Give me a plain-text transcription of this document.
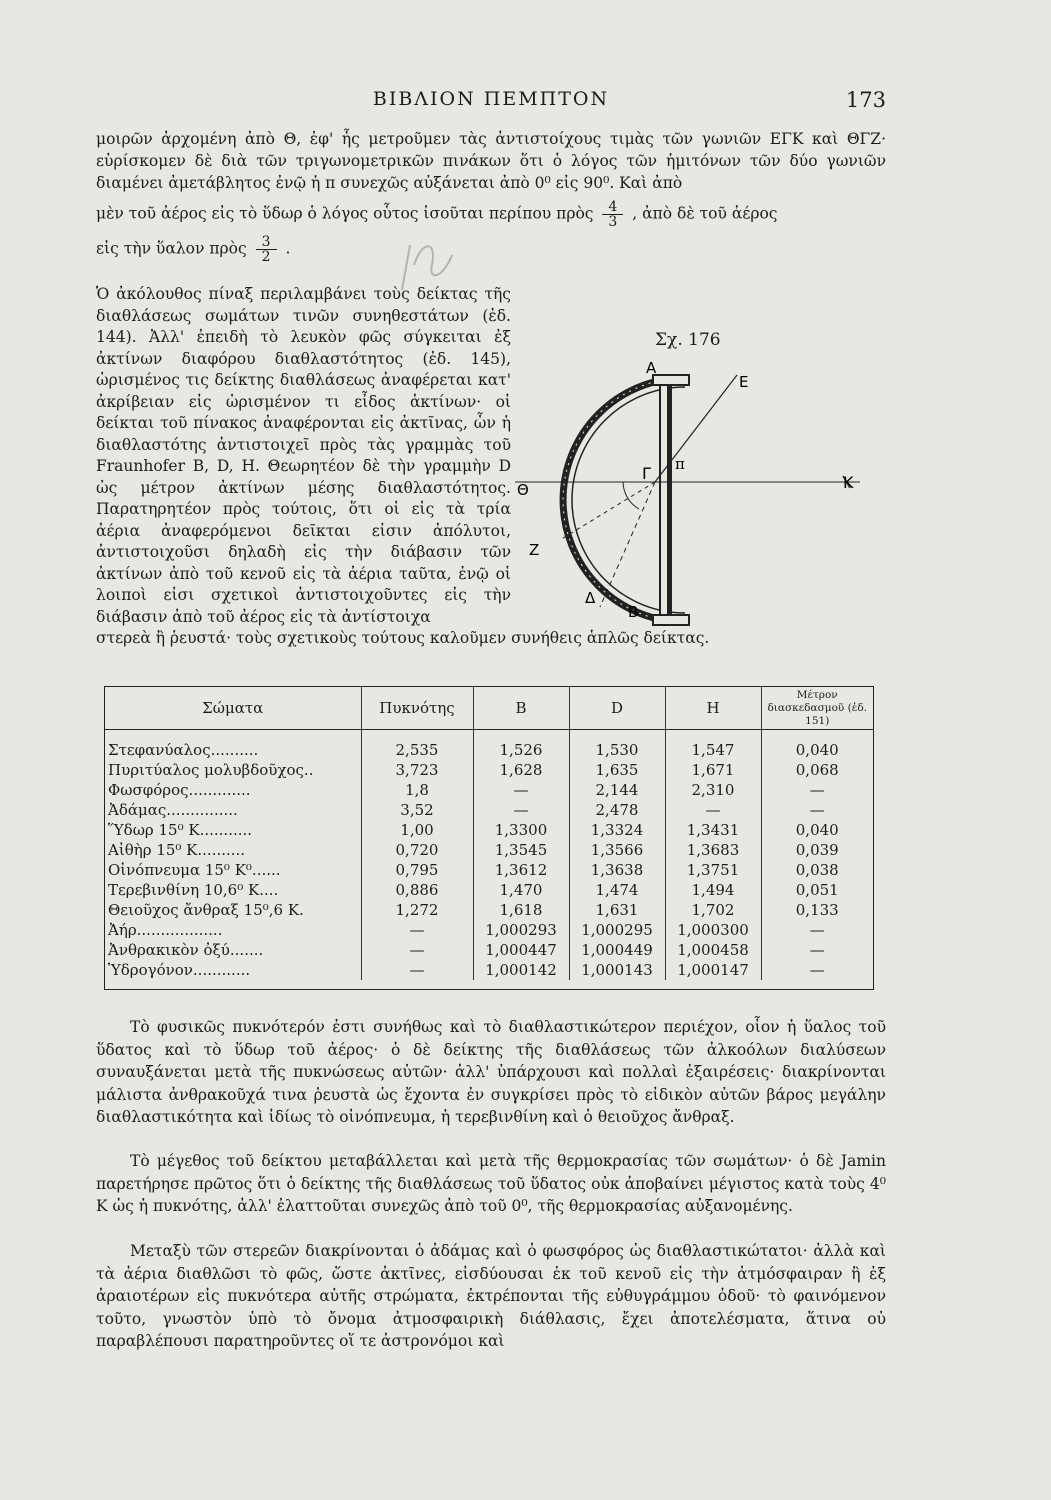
ΒΙΒΛΙΟΝ ΠΕΜΠΤΟΝ	173

μοιρῶν ἀρχομένη ἀπὸ Θ, ἐφ' ἧς μετροῦμεν τὰς ἀντιστοίχους τιμὰς τῶν γωνιῶν ΕΓΚ καὶ ΘΓΖ· εὑρίσκομεν δὲ διὰ τῶν τριγωνομετρικῶν πινάκων ὅτι ὁ λόγος τῶν ἡμιτόνων τῶν δύο γωνιῶν διαμένει ἀμετάβλητος ἐνῷ ἡ π συνεχῶς αὐξάνεται ἀπὸ 0⁰ εἰς 90⁰. Καὶ ἀπὸ

μὲν τοῦ ἀέρος εἰς τὸ ὕδωρ ὁ λόγος οὗτος ἰσοῦται περίπου πρὸς $\frac{4}{3}$ , ἀπὸ δὲ τοῦ ἀέρος

εἰς τὴν ὕαλον πρὸς $\frac{3}{2}$ .

Ὁ ἀκόλουθος πίναξ περιλαμβάνει τοὺς δείκτας τῆς διαθλάσεως σωμάτων τινῶν συνηθεστάτων (ἐδ. 144). Ἀλλ' ἐπειδὴ τὸ λευκὸν φῶς σύγκειται ἐξ ἀκτίνων διαφόρου διαθλαστότητος (ἐδ. 145), ὡρισμένος τις δείκτης διαθλάσεως ἀναφέρεται κατ' ἀκρίβειαν εἰς ὡρισμένον τι εἶδος ἀκτίνων· οἱ δείκται τοῦ πίνακος ἀναφέρονται εἰς ἀκτῖνας, ὧν ἡ διαθλαστότης ἀντιστοιχεῖ πρὸς τὰς γραμμὰς τοῦ Fraunhofer B, D, H. Θεωρητέον δὲ τὴν γραμμὴν D ὡς μέτρον ἀκτίνων μέσης διαθλαστότητος. Παρατηρητέον πρὸς τούτοις, ὅτι οἱ εἰς τὰ τρία ἀέρια ἀναφερόμενοι δεῖκται εἰσιν ἀπόλυτοι, ἀντιστοιχοῦσι δηλαδὴ εἰς τὴν διάβασιν τῶν ἀκτίνων ἀπὸ τοῦ κενοῦ εἰς τὰ ἀέρια ταῦτα, ἐνῷ οἱ λοιποὶ εἰσι σχετικοὶ ἀντιστοιχοῦντες εἰς τὴν διάβασιν ἀπὸ τοῦ ἀέρος εἰς τὰ ἀντίστοιχα

Σχ. 176
Α
Ε
Γ π
Κ
Θ
Ζ
Δ
Β

στερεὰ ἢ ῥευστά· τοὺς σχετικοὺς τούτους καλοῦμεν συνήθεις ἁπλῶς δείκτας.

Σώματα	Πυκνότης	B	D	H	Μέτρον διασκεδασμοῦ (ἐδ. 151)
Στεφανύαλος..........	2,535	1,526	1,530	1,547	0,040
Πυριτύαλος μολυβδοῦχος..	3,723	1,628	1,635	1,671	0,068
Φωσφόρος.............	1,8	—	2,144	2,310	—
Ἀδάμας...............	3,52	—	2,478	—	—
Ὕδωρ 15⁰ Κ...........	1,00	1,3300	1,3324	1,3431	0,040
Αἰθὴρ 15⁰ Κ..........	0,720	1,3545	1,3566	1,3683	0,039
Οἰνόπνευμα 15⁰ Κ⁰......	0,795	1,3612	1,3638	1,3751	0,038
Τερεβινθίνη 10,6⁰ Κ....	0,886	1,470	1,474	1,494	0,051
Θειοῦχος ἄνθραξ 15⁰,6 Κ.	1,272	1,618	1,631	1,702	0,133
Ἀήρ..................	—	1,000293	1,000295	1,000300	—
Ἀνθρακικὸν ὀξύ.......	—	1,000447	1,000449	1,000458	—
Ὑδρογόνον............	—	1,000142	1,000143	1,000147	—

Τὸ φυσικῶς πυκνότερόν ἐστι συνήθως καὶ τὸ διαθλαστικώτερον περιέχον, οἷον ἡ ὕαλος τοῦ ὕδατος καὶ τὸ ὕδωρ τοῦ ἀέρος· ὁ δὲ δείκτης τῆς διαθλάσεως τῶν ἀλκοόλων διαλύσεων συναυξάνεται μετὰ τῆς πυκνώσεως αὐτῶν· ἀλλ' ὑπάρχουσι καὶ πολλαὶ ἐξαιρέσεις· διακρίνονται μάλιστα ἀνθρακοῦχά τινα ῥευστὰ ὡς ἔχοντα ἐν συγκρίσει πρὸς τὸ εἰδικὸν αὐτῶν βάρος μεγάλην διαθλαστικότητα καὶ ἰδίως τὸ οἰνόπνευμα, ἡ τερεβινθίνη καὶ ὁ θειοῦχος ἄνθραξ.

Τὸ μέγεθος τοῦ δείκτου μεταβάλλεται καὶ μετὰ τῆς θερμοκρασίας τῶν σωμάτων· ὁ δὲ Jamin παρετήρησε πρῶτος ὅτι ὁ δείκτης τῆς διαθλάσεως τοῦ ὕδατος οὐκ ἀποβαίνει μέγιστος κατὰ τοὺς 4⁰ Κ ὡς ἡ πυκνότης, ἀλλ' ἐλαττοῦται συνεχῶς ἀπὸ τοῦ 0⁰, τῆς θερμοκρασίας αὐξανομένης.

Μεταξὺ τῶν στερεῶν διακρίνονται ὁ ἀδάμας καὶ ὁ φωσφόρος ὡς διαθλαστικώτατοι· ἀλλὰ καὶ τὰ ἀέρια διαθλῶσι τὸ φῶς, ὥστε ἀκτῖνες, εἰσδύουσαι ἐκ τοῦ κενοῦ εἰς τὴν ἀτμόσφαιραν ἢ ἐξ ἀραιοτέρων εἰς πυκνότερα αὐτῆς στρώματα, ἐκτρέπονται τῆς εὐθυγράμμου ὁδοῦ· τὸ φαινόμενον τοῦτο, γνωστὸν ὑπὸ τὸ ὄνομα ἀτμοσφαιρικὴ διάθλασις, ἔχει ἀποτελέσματα, ἅτινα οὐ παραβλέπουσι παρατηροῦντες οἵ τε ἀστρονόμοι καὶ
